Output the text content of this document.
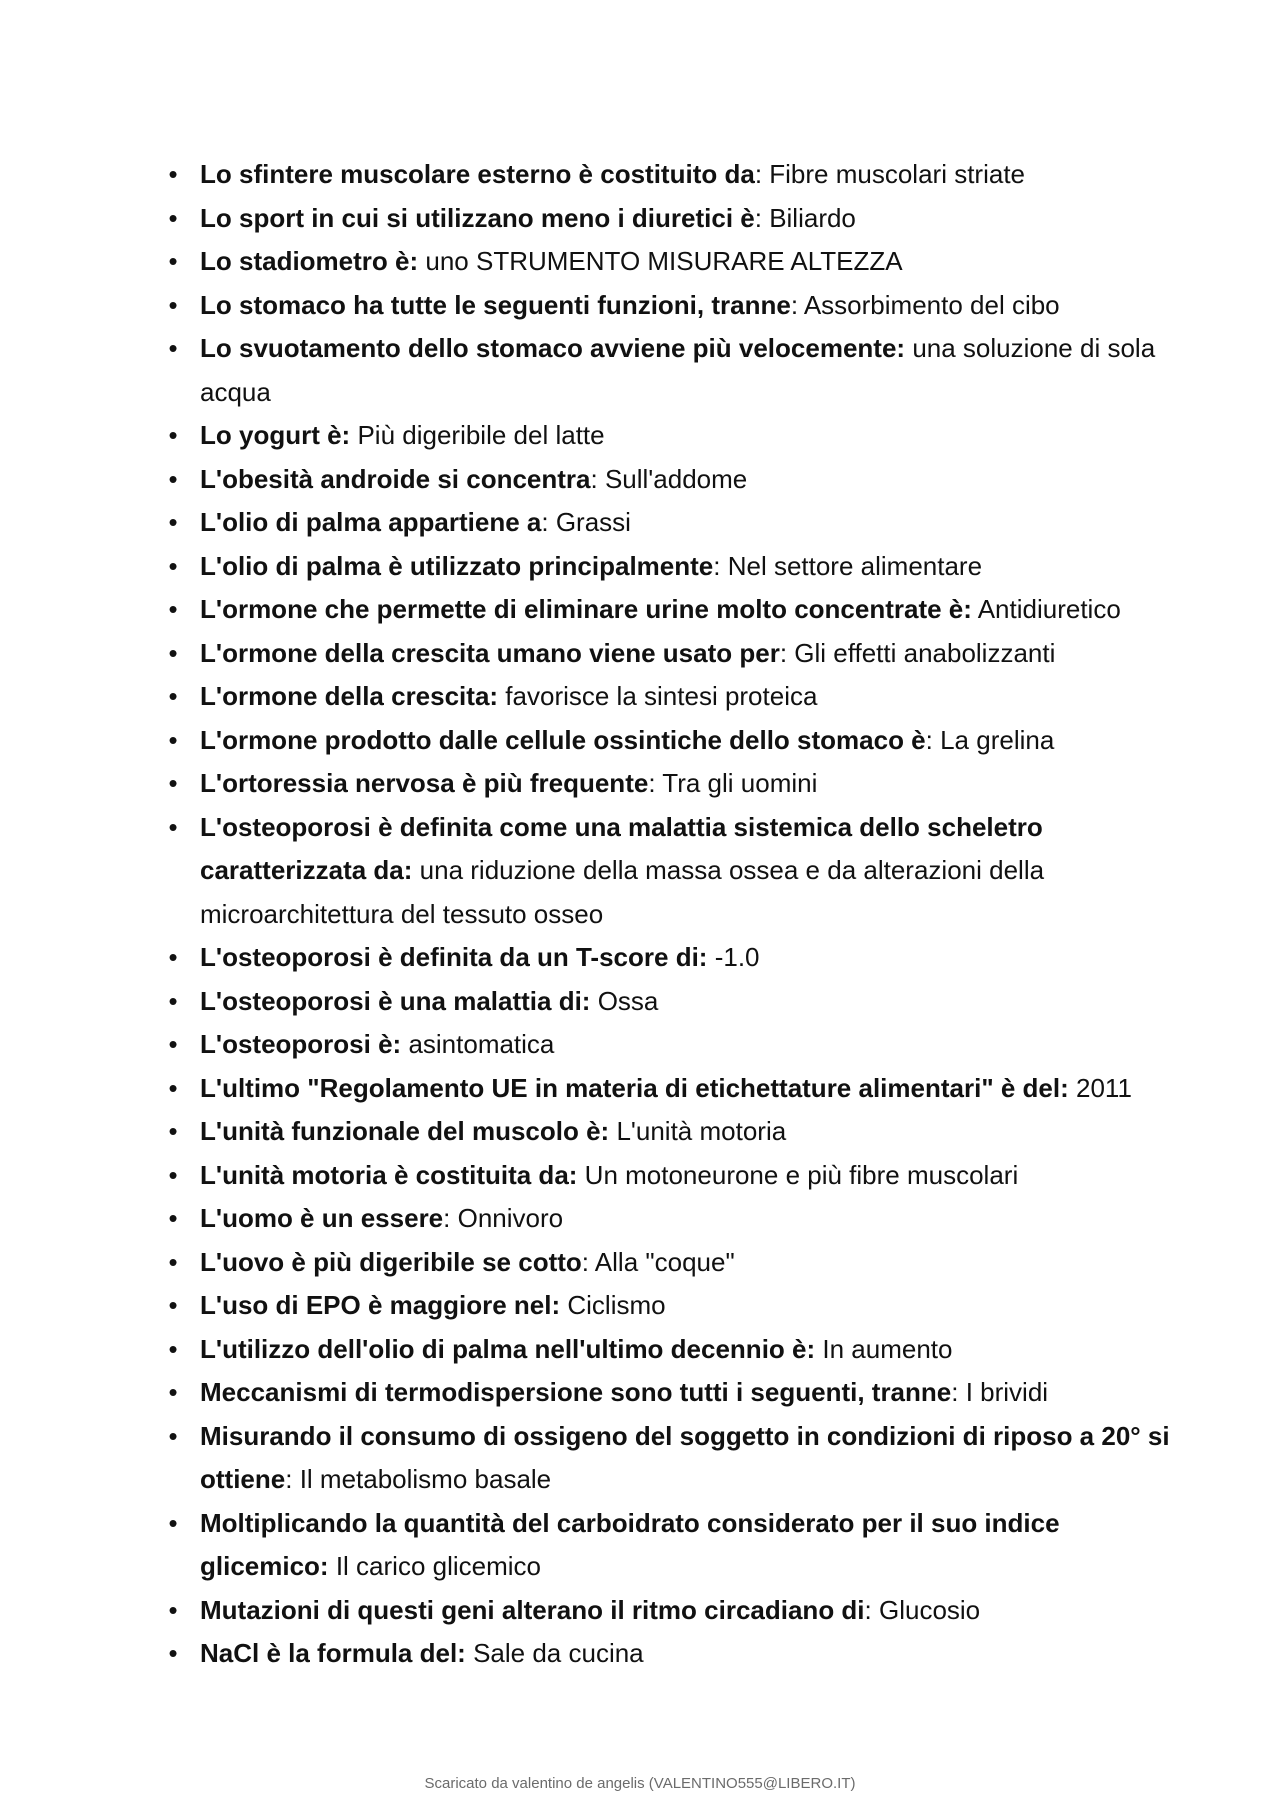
• Lo sfintere muscolare esterno è costituito da: Fibre muscolari striate
• Lo sport in cui si utilizzano meno i diuretici è: Biliardo
• Lo stadiometro è: uno STRUMENTO MISURARE ALTEZZA
• Lo stomaco ha tutte le seguenti funzioni, tranne: Assorbimento del cibo
• Lo svuotamento dello stomaco avviene più velocemente: una soluzione di sola acqua
• Lo yogurt è: Più digeribile del latte
• L'obesità androide si concentra: Sull'addome
• L'olio di palma appartiene a: Grassi
• L'olio di palma è utilizzato principalmente: Nel settore alimentare
• L'ormone che permette di eliminare urine molto concentrate è: Antidiuretico
• L'ormone della crescita umano viene usato per: Gli effetti anabolizzanti
• L'ormone della crescita: favorisce la sintesi proteica
• L'ormone prodotto dalle cellule ossintiche dello stomaco è: La grelina
• L'ortoressia nervosa è più frequente: Tra gli uomini
• L'osteoporosi è definita come una malattia sistemica dello scheletro caratterizzata da: una riduzione della massa ossea e da alterazioni della microarchitettura del tessuto osseo
• L'osteoporosi è definita da un T-score di: -1.0
• L'osteoporosi è una malattia di: Ossa
• L'osteoporosi è: asintomatica
• L'ultimo "Regolamento UE in materia di etichettature alimentari" è del: 2011
• L'unità funzionale del muscolo è: L'unità motoria
• L'unità motoria è costituita da: Un motoneurone e più fibre muscolari
• L'uomo è un essere: Onnivoro
• L'uovo è più digeribile se cotto: Alla "coque"
• L'uso di EPO è maggiore nel: Ciclismo
• L'utilizzo dell'olio di palma nell'ultimo decennio è: In aumento
• Meccanismi di termodispersione sono tutti i seguenti, tranne: I brividi
• Misurando il consumo di ossigeno del soggetto in condizioni di riposo a 20° si ottiene: Il metabolismo basale
• Moltiplicando la quantità del carboidrato considerato per il suo indice glicemico: Il carico glicemico
• Mutazioni di questi geni alterano il ritmo circadiano di: Glucosio
• NaCl è la formula del: Sale da cucina
Scaricato da valentino de angelis (VALENTINO555@LIBERO.IT)
